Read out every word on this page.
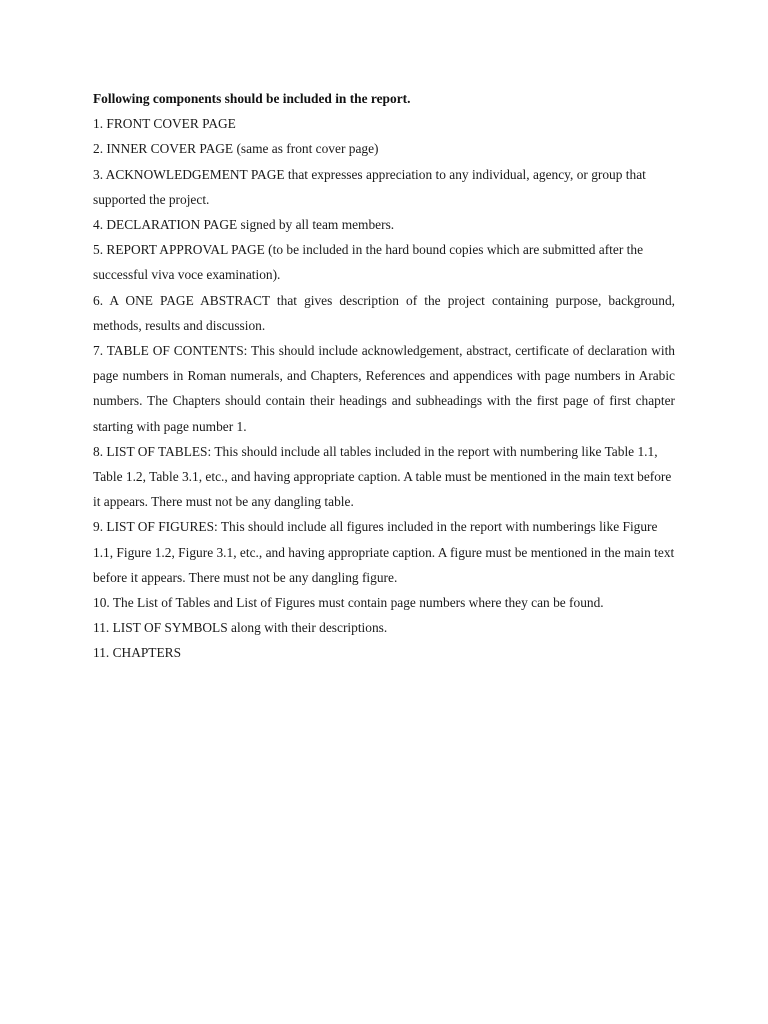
Following components should be included in the report.

1. FRONT COVER PAGE

2. INNER COVER PAGE (same as front cover page)

3. ACKNOWLEDGEMENT PAGE that expresses appreciation to any individual, agency, or group that supported the project.

4. DECLARATION PAGE signed by all team members.

5. REPORT APPROVAL PAGE (to be included in the hard bound copies which are submitted after the successful viva voce examination).

6. A ONE PAGE ABSTRACT that gives description of the project containing purpose, background, methods, results and discussion.

7. TABLE OF CONTENTS: This should include acknowledgement, abstract, certificate of declaration with page numbers in Roman numerals, and Chapters, References and appendices with page numbers in Arabic numbers. The Chapters should contain their headings and subheadings with the first page of first chapter starting with page number 1.

8. LIST OF TABLES: This should include all tables included in the report with numbering like Table 1.1, Table 1.2, Table 3.1, etc., and having appropriate caption. A table must be mentioned in the main text before it appears. There must not be any dangling table.

9. LIST OF FIGURES: This should include all figures included in the report with numberings like Figure 1.1, Figure 1.2, Figure 3.1, etc., and having appropriate caption. A figure must be mentioned in the main text before it appears. There must not be any dangling figure.

10. The List of Tables and List of Figures must contain page numbers where they can be found.

11. LIST OF SYMBOLS along with their descriptions.

11. CHAPTERS
